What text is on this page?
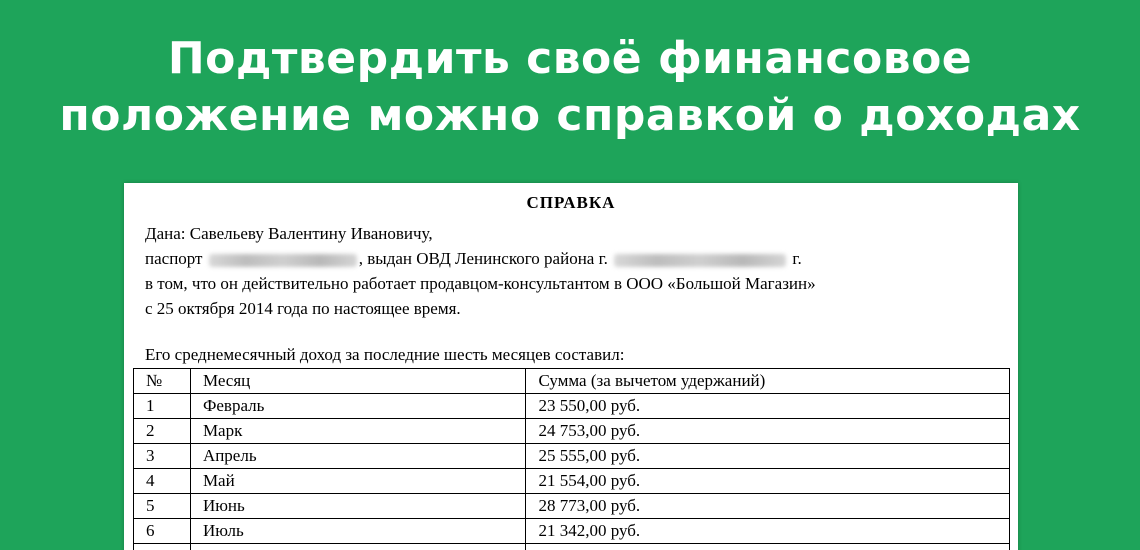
Подтвердить своё финансовое
положение можно справкой о доходах
СПРАВКА
Дана: Савельеву Валентину Ивановичу,
паспорт	, выдан ОВД Ленинского района г.	г.
в том, что он действительно работает продавцом-консультантом в ООО «Большой Магазин»
с 25 октября 2014 года по настоящее время.
Его среднемесячный доход за последние шесть месяцев составил:
№	Месяц	Сумма (за вычетом удержаний)
1	Февраль	23 550,00 руб.
2	Марк	24 753,00 руб.
3	Апрель	25 555,00 руб.
4	Май	21 554,00 руб.
5	Июнь	28 773,00 руб.
6	Июль	21 342,00 руб.
